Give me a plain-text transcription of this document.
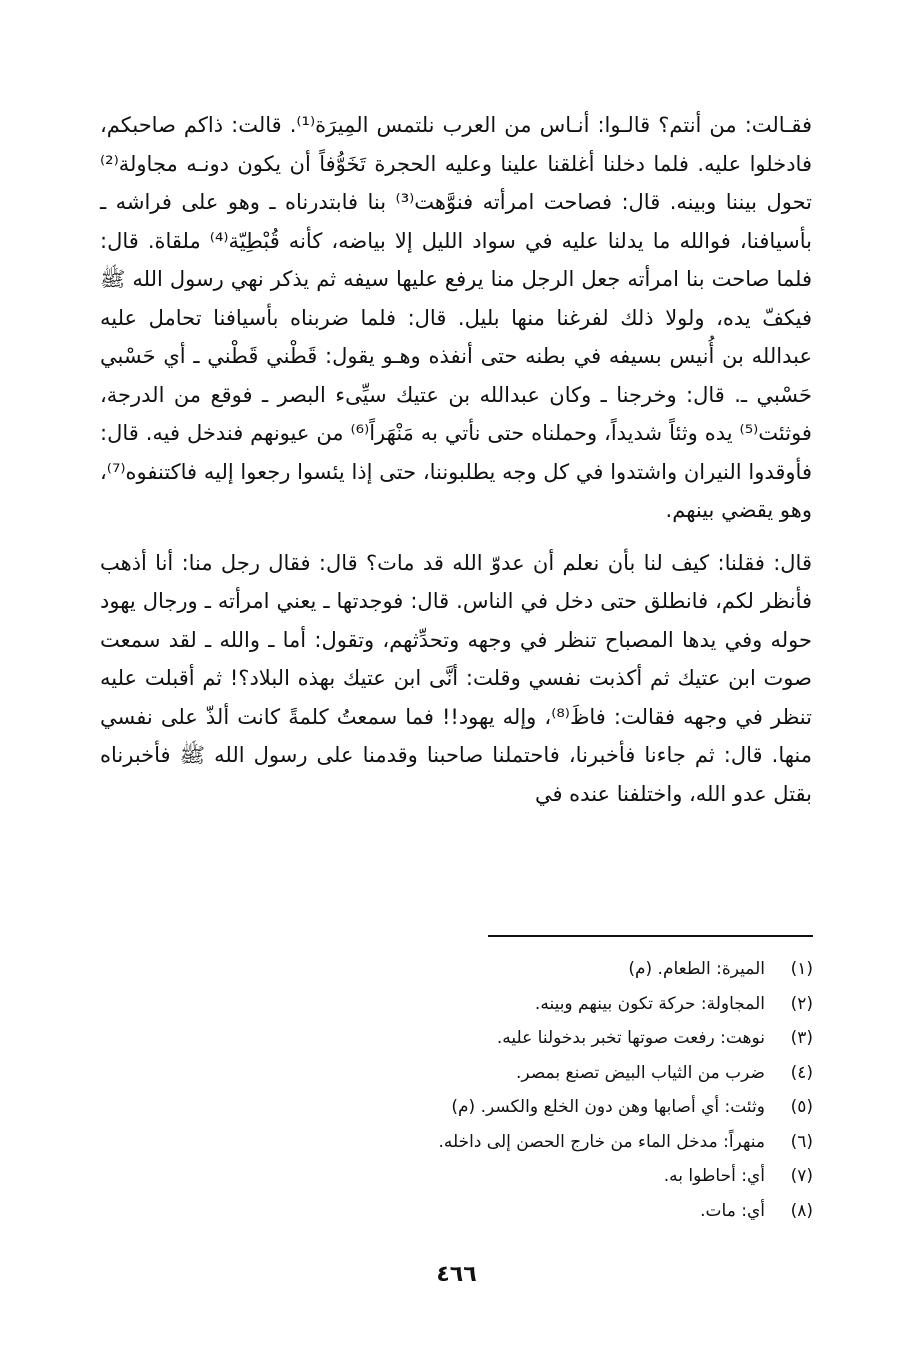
فقـالت: من أنتم؟ قالـوا: أنـاس من العرب نلتمس المِيرَة⁽¹⁾. قالت: ذاكم صاحبكم، فادخلوا عليه. فلما دخلنا أغلقنا علينا وعليه الحجرة تَخَوُّفاً أن يكون دونـه مجاولة⁽²⁾ تحول بيننا وبينه. قال: فصاحت امرأته فنوَّهت⁽³⁾ بنا فابتدرناه ـ وهو على فراشه ـ بأسيافنا، فوالله ما يدلنا عليه في سواد الليل إلا بياضه، كأنه قُبْطِيّة⁽⁴⁾ ملقاة. قال: فلما صاحت بنا امرأته جعل الرجل منا يرفع عليها سيفه ثم يذكر نهي رسول الله ﷺ فيكفّ يده، ولولا ذلك لفرغنا منها بليل. قال: فلما ضربناه بأسيافنا تحامل عليه عبدالله بن أُنيس بسيفه في بطنه حتى أنفذه وهـو يقول: قَطْني قَطْني ـ أي حَسْبي حَسْبي ـ. قال: وخرجنا ـ وكان عبدالله بن عتيك سيِّىء البصر ـ فوقع من الدرجة، فوثئت⁽⁵⁾ يده وثئاً شديداً، وحملناه حتى نأتي به مَنْهَراً⁽⁶⁾ من عيونهم فندخل فيه. قال: فأوقدوا النيران واشتدوا في كل وجه يطلبوننا، حتى إذا يئسوا رجعوا إليه فاكتنفوه⁽⁷⁾، وهو يقضي بينهم.

قال: فقلنا: كيف لنا بأن نعلم أن عدوّ الله قد مات؟ قال: فقال رجل منا: أنا أذهب فأنظر لكم، فانطلق حتى دخل في الناس. قال: فوجدتها ـ يعني امرأته ـ ورجال يهود حوله وفي يدها المصباح تنظر في وجهه وتحدِّثهم، وتقول: أما ـ والله ـ لقد سمعت صوت ابن عتيك ثم أكذبت نفسي وقلت: أنَّى ابن عتيك بهذه البلاد؟! ثم أقبلت عليه تنظر في وجهه فقالت: فاظَ⁽⁸⁾، وإله يهود!! فما سمعتُ كلمةً كانت ألذّ على نفسي منها. قال: ثم جاءنا فأخبرنا، فاحتملنا صاحبنا وقدمنا على رسول الله ﷺ فأخبرناه بقتل عدو الله، واختلفنا عنده في

(١)
الميرة: الطعام. (م)
(٢)
المجاولة: حركة تكون بينهم وبينه.
(٣)
نوهت: رفعت صوتها تخبر بدخولنا عليه.
(٤)
ضرب من الثياب البيض تصنع بمصر.
(٥)
وثئت: أي أصابها وهن دون الخلع والكسر. (م)
(٦)
منهراً: مدخل الماء من خارج الحصن إلى داخله.
(٧)
أي: أحاطوا به.
(٨)
أي: مات.
٤٦٦
